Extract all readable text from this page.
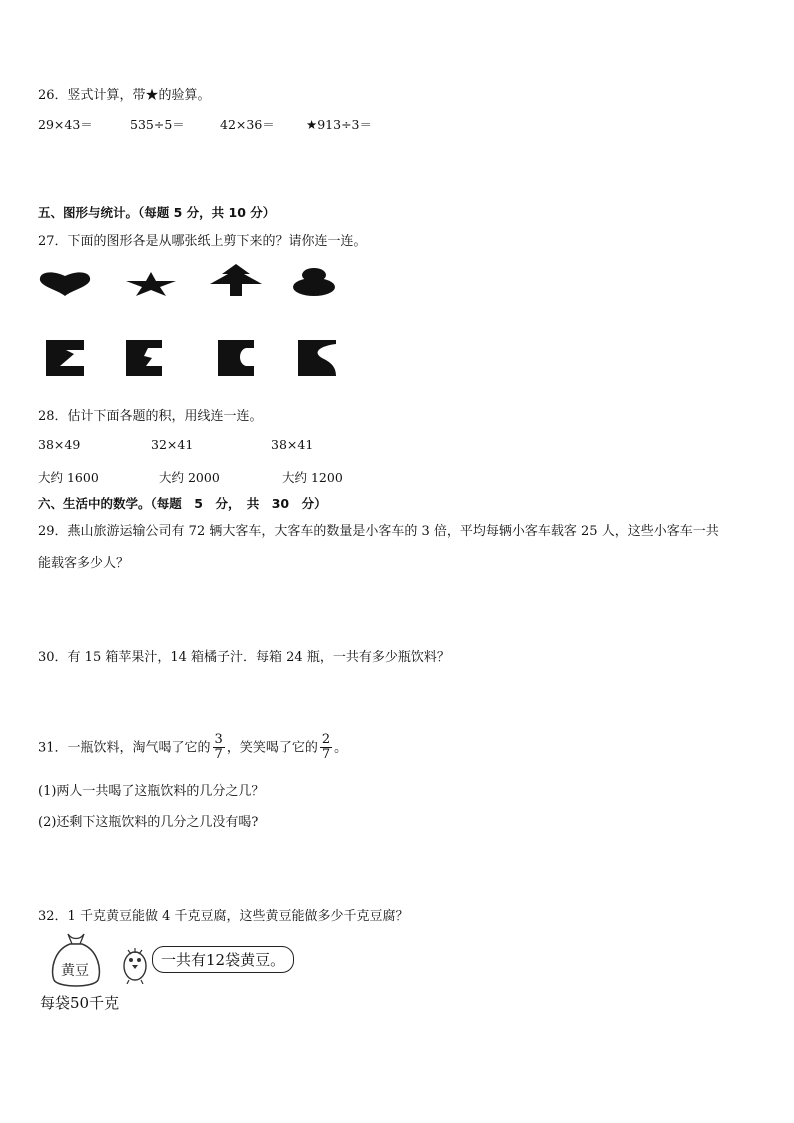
26．竖式计算，带★的验算。
29×43＝	535÷5＝	42×36＝ ★913÷3＝
五、图形与统计。（每题 5 分，共 10 分）
27．下面的图形各是从哪张纸上剪下来的？请你连一连。
28．估计下面各题的积，用线连一连。
38×49	32×41	38×41
大约 1600	大约 2000	大约 1200
六、生活中的数学。（每题　5　分，　共　30　分）
29．燕山旅游运输公司有 72 辆大客车，大客车的数量是小客车的 3 倍，平均每辆小客车载客 25 人，这些小客车一共
能载客多少人？
30．有 15 箱苹果汁，14 箱橘子汁．每箱 24 瓶，一共有多少瓶饮料？
31．一瓶饮料，淘气喝了它的 $\frac{3}{7}$ ，笑笑喝了它的 $\frac{2}{7}$ 。
(1)两人一共喝了这瓶饮料的几分之几？
(2)还剩下这瓶饮料的几分之几没有喝?
32．1 千克黄豆能做 4 千克豆腐，这些黄豆能做多少千克豆腐？
黄豆
一共有12袋黄豆。
每袋50千克
